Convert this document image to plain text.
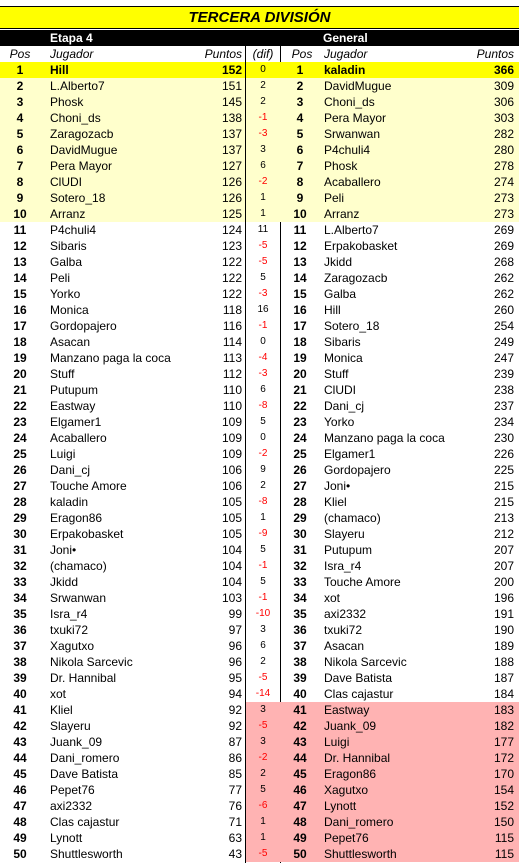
TERCERA DIVISIÓN
Etapa 4	General
Pos	Jugador	Puntos (dif)	Pos Jugador	Puntos
1	Hill	152	0	1	kaladin	366
2	L.Alberto7	151	2	2	DavidMugue	309
3	Phosk	145	2	3	Choni_ds	306
4	Choni_ds	138	-1	4	Pera Mayor	303
5	Zaragozacb	137	-3	5	Srwanwan	282
6	DavidMugue	137	3	6	P4chuli4	280
7	Pera Mayor	127	6	7	Phosk	278
8	ClUDI	126	-2	8	Acaballero	274
9	Sotero_18	126	1	9	Peli	273
10	Arranz	125	1	10	Arranz	273
11	P4chuli4	124	11	11	L.Alberto7	269
12	Sibaris	123	-5	12	Erpakobasket	269
13	Galba	122	-5	13	Jkidd	268
14	Peli	122	5	14	Zaragozacb	262
15	Yorko	122	-3	15	Galba	262
16	Monica	118	16	16	Hill	260
17	Gordopajero	116	-1	17	Sotero_18	254
18	Asacan	114	0	18	Sibaris	249
19	Manzano paga la coca	113	-4	19	Monica	247
20	Stuff	112	-3	20	Stuff	239
21	Putupum	110	6	21	ClUDI	238
22	Eastway	110	-8	22	Dani_cj	237
23	Elgamer1	109	5	23	Yorko	234
24	Acaballero	109	0	24	Manzano paga la coca	230
25	Luigi	109	-2	25	Elgamer1	226
26	Dani_cj	106	9	26	Gordopajero	225
27	Touche Amore	106	2	27	Joni•	215
28	kaladin	105	-8	28	Kliel	215
29	Eragon86	105	1	29	(chamaco)	213
30	Erpakobasket	105	-9	30	Slayeru	212
31	Joni•	104	5	31	Putupum	207
32	(chamaco)	104	-1	32	Isra_r4	207
33	Jkidd	104	5	33	Touche Amore	200
34	Srwanwan	103	-1	34	xot	196
35	Isra_r4	99	-10	35	axi2332	191
36	txuki72	97	3	36	txuki72	190
37	Xagutxo	96	6	37	Asacan	189
38	Nikola Sarcevic	96	2	38	Nikola Sarcevic	188
39	Dr. Hannibal	95	-5	39	Dave Batista	187
40	xot	94	-14	40	Clas cajastur	184
41	Kliel	92	3	41	Eastway	183
42	Slayeru	92	-5	42	Juank_09	182
43	Juank_09	87	3	43	Luigi	177
44	Dani_romero	86	-2	44	Dr. Hannibal	172
45	Dave Batista	85	2	45	Eragon86	170
46	Pepet76	77	5	46	Xagutxo	154
47	axi2332	76	-6	47	Lynott	152
48	Clas cajastur	71	1	48	Dani_romero	150
49	Lynott	63	1	49	Pepet76	115
50	Shuttlesworth	43	-5	50	Shuttlesworth	115
